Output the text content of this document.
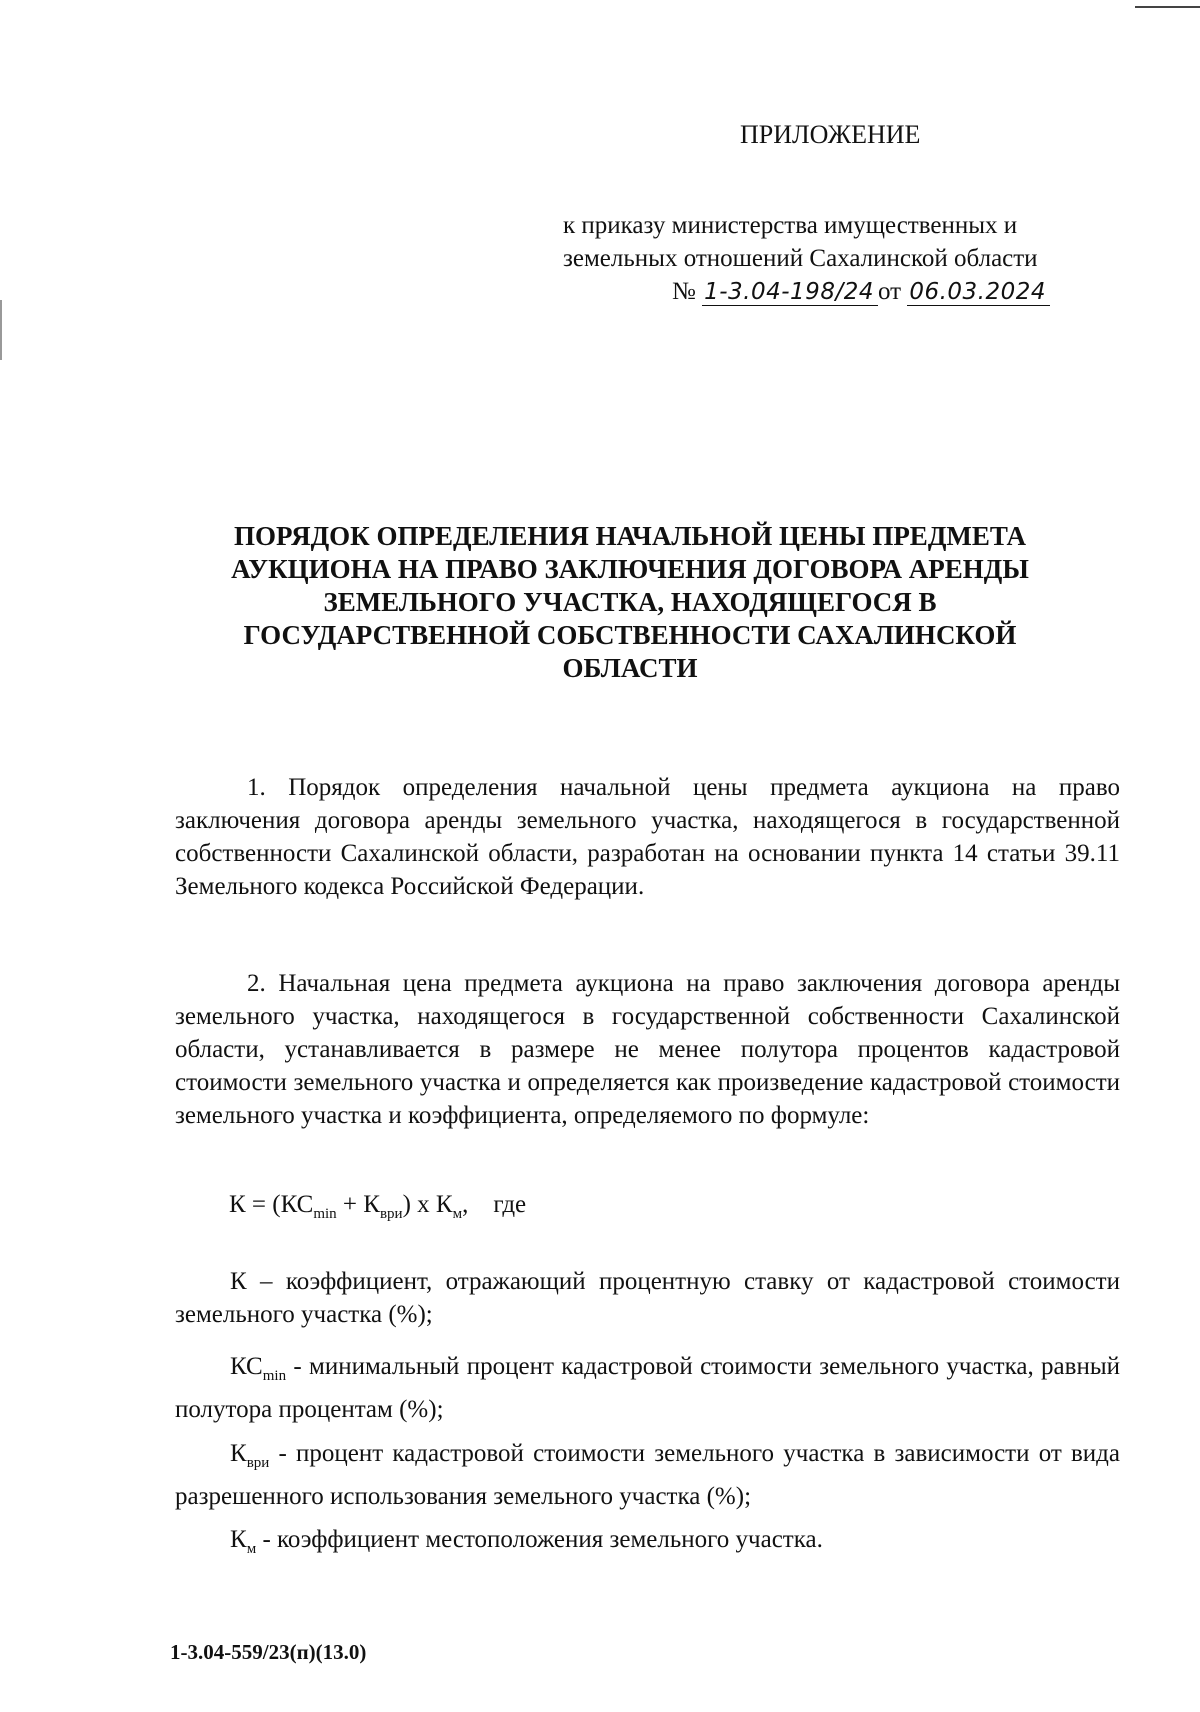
ПРИЛОЖЕНИЕ
к приказу министерства имущественных и
земельных отношений Сахалинской области
№ 1-3.04-198/24 от 06.03.2024
ПОРЯДОК ОПРЕДЕЛЕНИЯ НАЧАЛЬНОЙ ЦЕНЫ ПРЕДМЕТА
АУКЦИОНА НА ПРАВО ЗАКЛЮЧЕНИЯ ДОГОВОРА АРЕНДЫ
ЗЕМЕЛЬНОГО УЧАСТКА, НАХОДЯЩЕГОСЯ В
ГОСУДАРСТВЕННОЙ СОБСТВЕННОСТИ САХАЛИНСКОЙ
ОБЛАСТИ
1. Порядок определения начальной цены предмета аукциона на право заключения договора аренды земельного участка, находящегося в государственной собственности Сахалинской области, разработан на основании пункта 14 статьи 39.11 Земельного кодекса Российской Федерации.
2. Начальная цена предмета аукциона на право заключения договора аренды земельного участка, находящегося в государственной собственности Сахалинской области, устанавливается в размере не менее полутора процентов кадастровой стоимости земельного участка и определяется как произведение кадастровой стоимости земельного участка и коэффициента, определяемого по формуле:
$К = (КС_{min} + К_{ври})$ х $К_м$,    где
К – коэффициент, отражающий процентную ставку от кадастровой стоимости земельного участка (%);
$КС_{min}$ - минимальный процент кадастровой стоимости земельного участка, равный полутора процентам (%);
$К_{ври}$ - процент кадастровой стоимости земельного участка в зависимости от вида разрешенного использования земельного участка (%);
$К_м$ - коэффициент местоположения земельного участка.
1-3.04-559/23(п)(13.0)
